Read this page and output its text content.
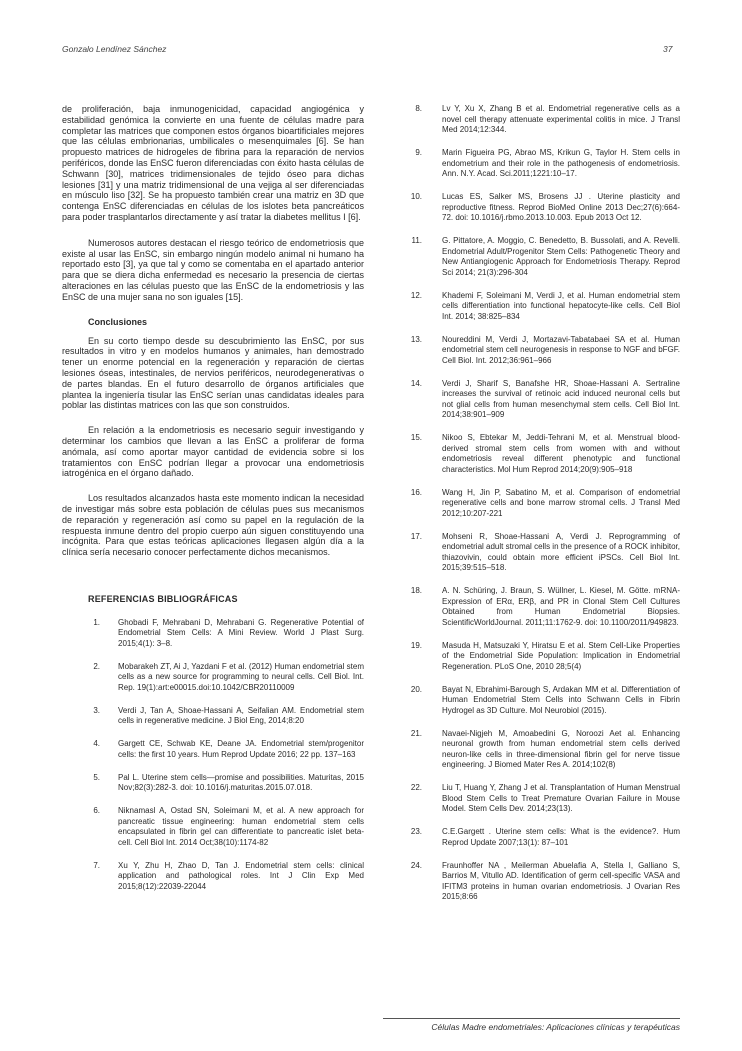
Gonzalo Lendínez Sánchez	37

de proliferación, baja inmunogenicidad, capacidad angiogénica y estabilidad genómica la convierte en una fuente de células madre para completar las matrices que componen estos órganos bioartificiales mejores que las células embrionarias, umbilicales o mesenquimales [6]. Se han propuesto matrices de hidrogeles de fibrina para la reparación de nervios periféricos, donde las EnSC fueron diferenciadas con éxito hasta células de Schwann [30], matrices tridimensionales de tejido óseo para dichas lesiones [31] y una matriz tridimensional de una vejiga al ser diferenciadas en músculo liso [32]. Se ha propuesto también crear una matriz en 3D que contenga EnSC diferenciadas en células de los islotes beta pancreáticos para poder trasplantarlos directamente y así tratar la diabetes mellitus I [6].

Numerosos autores destacan el riesgo teórico de endometriosis que existe al usar las EnSC, sin embargo ningún modelo animal ni humano ha reportado esto [3], ya que tal y como se comentaba en el apartado anterior para que se diera dicha enfermedad es necesario la presencia de ciertas alteraciones en las células puesto que las EnSC de la endometriosis y las EnSC de una mujer sana no son iguales [15].

Conclusiones

En su corto tiempo desde su descubrimiento las EnSC, por sus resultados in vitro y en modelos humanos y animales, han demostrado tener un enorme potencial en la regeneración y reparación de ciertas lesiones óseas, intestinales, de nervios periféricos, neurodegenerativas o de partes blandas. En el futuro desarrollo de órganos artificiales que plantea la ingeniería tisular las EnSC serían unas candidatas ideales para poblar las distintas matrices con las que son construidos.

En relación a la endometriosis es necesario seguir investigando y determinar los cambios que llevan a las EnSC a proliferar de forma anómala, así como aportar mayor cantidad de evidencia sobre si los tratamientos con EnSC podrían llegar a provocar una endometriosis iatrogénica en el órgano dañado.

Los resultados alcanzados hasta este momento indican la necesidad de investigar más sobre esta población de células pues sus mecanismos de reparación y regeneración así como su papel en la regulación de la respuesta inmune dentro del propio cuerpo aún siguen constituyendo una incógnita. Para que estas teóricas aplicaciones llegasen algún día a la clínica sería necesario conocer perfectamente dichos mecanismos.

REFERENCIAS BIBLIOGRÁFICAS
1. Ghobadi F, Mehrabani D, Mehrabani G. Regenerative Potential of Endometrial Stem Cells: A Mini Review. World J Plast Surg. 2015;4(1): 3–8.
2. Mobarakeh ZT, Ai J, Yazdani F et al. (2012) Human endometrial stem cells as a new source for programming to neural cells. Cell Biol. Int. Rep. 19(1):art:e00015.doi:10.1042/CBR20110009
3. Verdi J, Tan A, Shoae-Hassani A, Seifalian AM. Endometrial stem cells in regenerative medicine. J Biol Eng, 2014;8:20
4. Gargett CE, Schwab KE, Deane JA. Endometrial stem/progenitor cells: the first 10 years. Hum Reprod Update 2016; 22 pp. 137–163
5. Pal L. Uterine stem cells—promise and possibilities. Maturitas, 2015 Nov;82(3):282-3. doi: 10.1016/j.maturitas.2015.07.018.
6. Niknamasl A, Ostad SN, Soleimani M, et al. A new approach for pancreatic tissue engineering: human endometrial stem cells encapsulated in fibrin gel can differentiate to pancreatic islet beta-cell. Cell Biol Int. 2014 Oct;38(10):1174-82
7. Xu Y, Zhu H, Zhao D, Tan J. Endometrial stem cells: clinical application and pathological roles. Int J Clin Exp Med 2015;8(12):22039-22044
8.	Lv Y, Xu X, Zhang B et al. Endometrial regenerative cells as a novel cell therapy attenuate experimental colitis in mice. J Transl Med 2014;12:344.
9.	Marin Figueira PG, Abrao MS, Krikun G, Taylor H. Stem cells in endometrium and their role in the pathogenesis of endometriosis. Ann. N.Y. Acad. Sci.2011;1221:10–17.
10.	Lucas ES, Salker MS, Brosens JJ . Uterine plasticity and reproductive fitness. Reprod BioMed Online 2013 Dec;27(6):664-72. doi: 10.1016/j.rbmo.2013.10.003. Epub 2013 Oct 12.
11.	G. Pittatore, A. Moggio, C. Benedetto, B. Bussolati, and A. Revelli. Endometrial Adult/Progenitor Stem Cells: Pathogenetic Theory and New Antiangiogenic Approach for Endometriosis Therapy. Reprod Sci 2014; 21(3):296-304
12.	Khademi F, Soleimani M, Verdi J, et al. Human endometrial stem cells differentiation into functional hepatocyte-like cells. Cell Biol Int. 2014; 38:825–834
13.	Noureddini M, Verdi J, Mortazavi-Tabatabaei SA et al. Human endometrial stem cell neurogenesis in response to NGF and bFGF. Cell Biol. Int. 2012;36:961–966
14.	Verdi J, Sharif S, Banafshe HR, Shoae-Hassani A. Sertraline increases the survival of retinoic acid induced neuronal cells but not glial cells from human mesenchymal stem cells. Cell Biol Int. 2014;38:901–909
15.	Nikoo S, Ebtekar M, Jeddi-Tehrani M, et al. Menstrual blood-derived stromal stem cells from women with and without endometriosis reveal different phenotypic and functional characteristics. Mol Hum Reprod 2014;20(9):905–918
16.	Wang H, Jin P, Sabatino M, et al. Comparison of endometrial regenerative cells and bone marrow stromal cells. J Transl Med 2012;10:207-221
17.	Mohseni R, Shoae-Hassani A, Verdi J. Reprogramming of endometrial adult stromal cells in the presence of a ROCK inhibitor, thiazovivin, could obtain more efficient iPSCs. Cell Biol Int. 2015;39:515–518.
18.	A. N. Schüring, J. Braun, S. Wüllner, L. Kiesel, M. Götte. mRNA-Expression of ERα, ERβ, and PR in Clonal Stem Cell Cultures Obtained from Human Endometrial Biopsies. ScientificWorldJournal. 2011;11:1762-9. doi: 10.1100/2011/949823.
19.	Masuda H, Matsuzaki Y, Hiratsu E et al. Stem Cell-Like Properties of the Endometrial Side Population: Implication in Endometrial Regeneration. PLoS One, 2010 28;5(4)
20.	Bayat N, Ebrahimi-Barough S, Ardakan MM et al. Differentiation of Human Endometrial Stem Cells into Schwann Cells in Fibrin Hydrogel as 3D Culture. Mol Neurobiol (2015).
21.	Navaei-Nigjeh M, Amoabedini G, Noroozi Aet al. Enhancing neuronal growth from human endometrial stem cells derived neuron-like cells in three-dimensional fibrin gel for nerve tissue engineering. J Biomed Mater Res A. 2014;102(8)
22.	Liu T, Huang Y, Zhang J et al. Transplantation of Human Menstrual Blood Stem Cells to Treat Premature Ovarian Failure in Mouse Model. Stem Cells Dev. 2014;23(13).
23.	C.E.Gargett . Uterine stem cells: What is the evidence?. Hum Reprod Update 2007;13(1): 87–101
24.	Fraunhoffer NA , Meilerman Abuelafia A, Stella I, Galliano S, Barrios M, Vitullo AD. Identification of germ cell-specific VASA and IFITM3 proteins in human ovarian endometriosis. J Ovarian Res 2015;8:66
Células Madre endometriales: Aplicaciones clínicas y terapéuticas
